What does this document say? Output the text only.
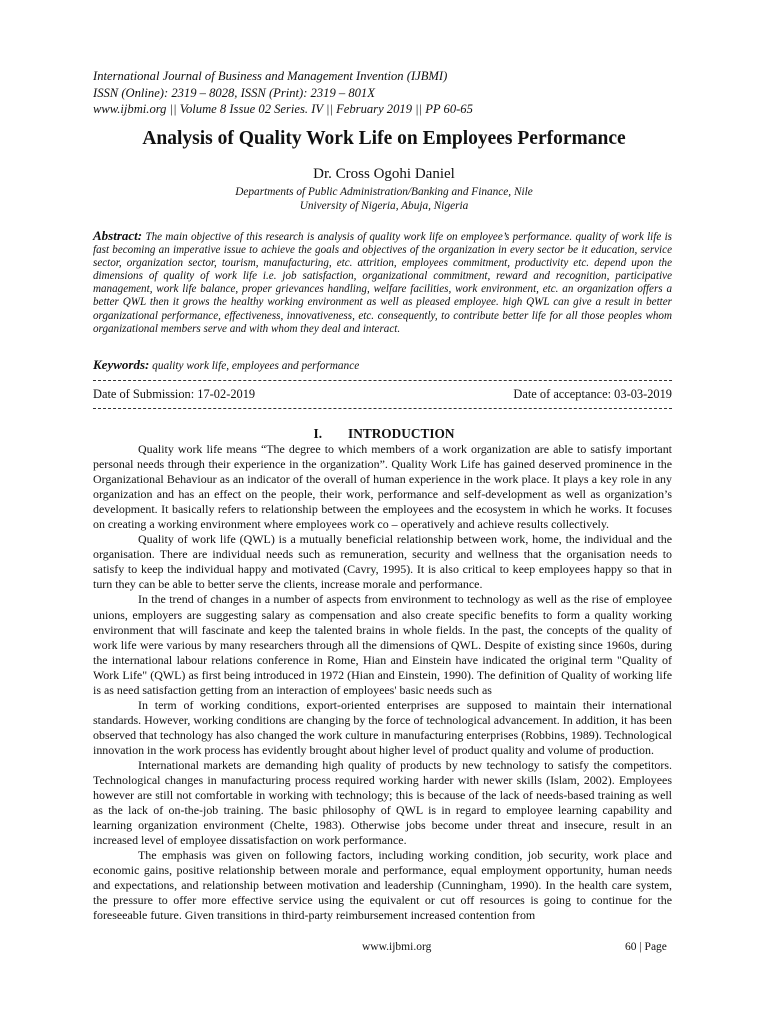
International Journal of Business and Management Invention (IJBMI)
ISSN (Online): 2319 – 8028, ISSN (Print): 2319 – 801X
www.ijbmi.org || Volume 8 Issue 02 Series. IV || February 2019 || PP 60-65
Analysis of Quality Work Life on Employees Performance
Dr. Cross Ogohi Daniel
Departments of Public Administration/Banking and Finance, Nile
University of Nigeria, Abuja, Nigeria
Abstract: The main objective of this research is analysis of quality work life on employee’s performance. quality of work life is fast becoming an imperative issue to achieve the goals and objectives of the organization in every sector be it education, service sector, organization sector, tourism, manufacturing, etc. attrition, employees commitment, productivity etc. depend upon the dimensions of quality of work life i.e. job satisfaction, organizational commitment, reward and recognition, participative management, work life balance, proper grievances handling, welfare facilities, work environment, etc. an organization offers a better QWL then it grows the healthy working environment as well as pleased employee. high QWL can give a result in better organizational performance, effectiveness, innovativeness, etc. consequently, to contribute better life for all those peoples whom organizational members serve and with whom they deal and interact.
Keywords: quality work life, employees and performance
Date of Submission: 17-02-2019	Date of acceptance: 03-03-2019
I. INTRODUCTION

Quality work life means “The degree to which members of a work organization are able to satisfy important personal needs through their experience in the organization”. Quality Work Life has gained deserved prominence in the Organizational Behaviour as an indicator of the overall of human experience in the work place. It plays a key role in any organization and has an effect on the people, their work, performance and self-development as well as organization’s development. It basically refers to relationship between the employees and the ecosystem in which he works. It focuses on creating a working environment where employees work co – operatively and achieve results collectively.

Quality of work life (QWL) is a mutually beneficial relationship between work, home, the individual and the organisation. There are individual needs such as remuneration, security and wellness that the organisation needs to satisfy to keep the individual happy and motivated (Cavry, 1995). It is also critical to keep employees happy so that in turn they can be able to better serve the clients, increase morale and performance.

In the trend of changes in a number of aspects from environment to technology as well as the rise of employee unions, employers are suggesting salary as compensation and also create specific benefits to form a quality working environment that will fascinate and keep the talented brains in whole fields. In the past, the concepts of the quality of work life were various by many researchers through all the dimensions of QWL. Despite of existing since 1960s, during the international labour relations conference in Rome, Hian and Einstein have indicated the original term "Quality of Work Life" (QWL) as first being introduced in 1972 (Hian and Einstein, 1990). The definition of Quality of working life is as need satisfaction getting from an interaction of employees' basic needs such as

In term of working conditions, export-oriented enterprises are supposed to maintain their international standards. However, working conditions are changing by the force of technological advancement. In addition, it has been observed that technology has also changed the work culture in manufacturing enterprises (Robbins, 1989). Technological innovation in the work process has evidently brought about higher level of product quality and volume of production.

International markets are demanding high quality of products by new technology to satisfy the competitors. Technological changes in manufacturing process required working harder with newer skills (Islam, 2002). Employees however are still not comfortable in working with technology; this is because of the lack of needs-based training as well as the lack of on-the-job training. The basic philosophy of QWL is in regard to employee learning capability and learning organization environment (Chelte, 1983). Otherwise jobs become under threat and insecure, result in an increased level of employee dissatisfaction on work performance.

The emphasis was given on following factors, including working condition, job security, work place and economic gains, positive relationship between morale and performance, equal employment opportunity, human needs and expectations, and relationship between motivation and leadership (Cunningham, 1990). In the health care system, the pressure to offer more effective service using the equivalent or cut off resources is going to continue for the foreseeable future. Given transitions in third-party reimbursement increased contention from

www.ijbmi.org	60 | Page
